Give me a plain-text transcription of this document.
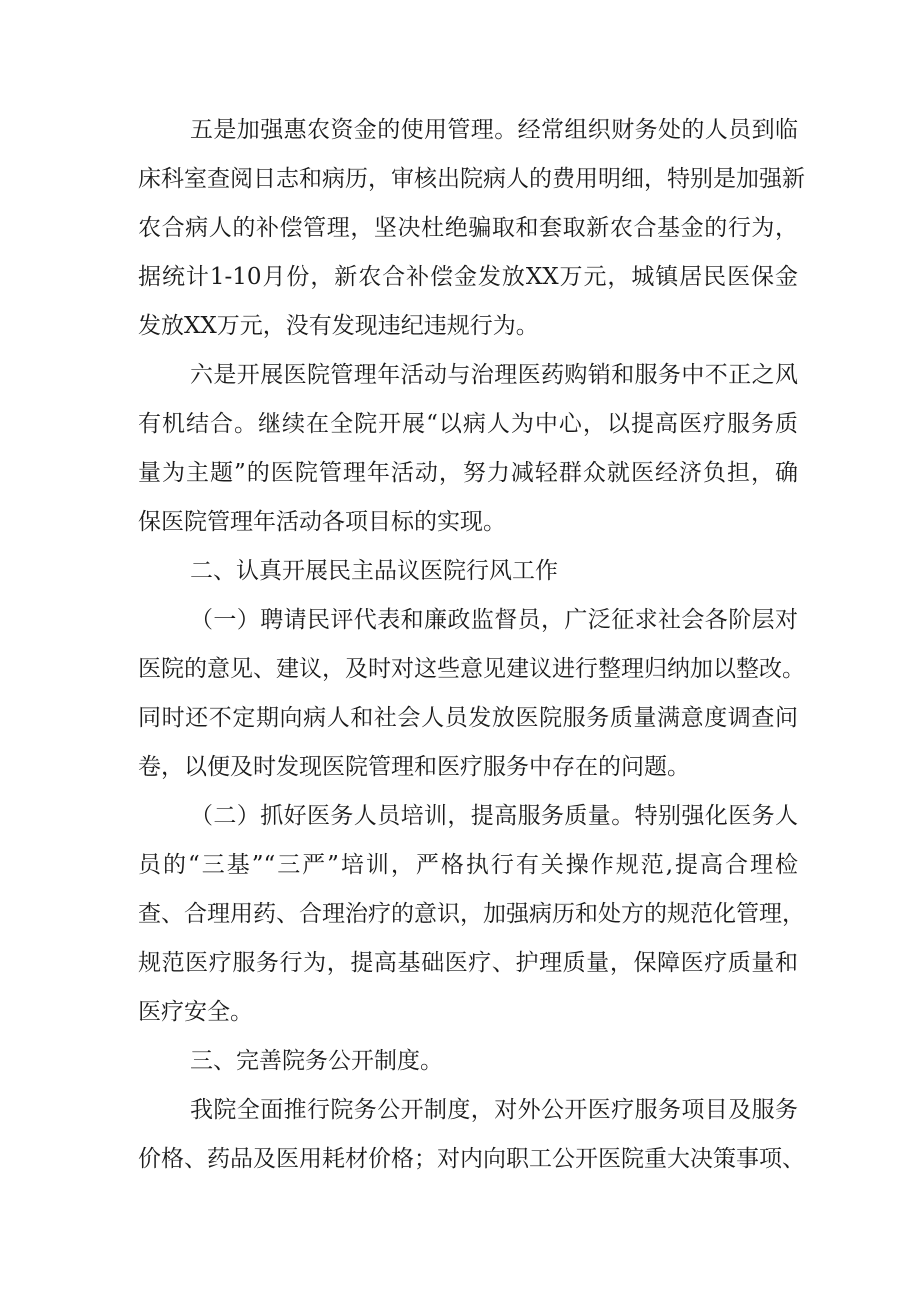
五是加强惠农资金的使用管理。经常组织财务处的人员到临
床科室查阅日志和病历，审核出院病人的费用明细，特别是加强新
农合病人的补偿管理，坚决杜绝骗取和套取新农合基金的行为，
据统计1-10月份，新农合补偿金发放XX万元，城镇居民医保金
发放XX万元，没有发现违纪违规行为。
六是开展医院管理年活动与治理医药购销和服务中不正之风
有机结合。继续在全院开展“以病人为中心，以提高医疗服务质
量为主题”的医院管理年活动，努力减轻群众就医经济负担，确
保医院管理年活动各项目标的实现。
二、认真开展民主品议医院行风工作
（一）聘请民评代表和廉政监督员，广泛征求社会各阶层对
医院的意见、建议，及时对这些意见建议进行整理归纳加以整改。
同时还不定期向病人和社会人员发放医院服务质量满意度调查问
卷，以便及时发现医院管理和医疗服务中存在的问题。
（二）抓好医务人员培训，提高服务质量。特别强化医务人
员的“三基”“三严”培训，严格执行有关操作规范,提高合理检
查、合理用药、合理治疗的意识，加强病历和处方的规范化管理，
规范医疗服务行为，提高基础医疗、护理质量，保障医疗质量和
医疗安全。
三、完善院务公开制度。
我院全面推行院务公开制度，对外公开医疗服务项目及服务
价格、药品及医用耗材价格；对内向职工公开医院重大决策事项、
